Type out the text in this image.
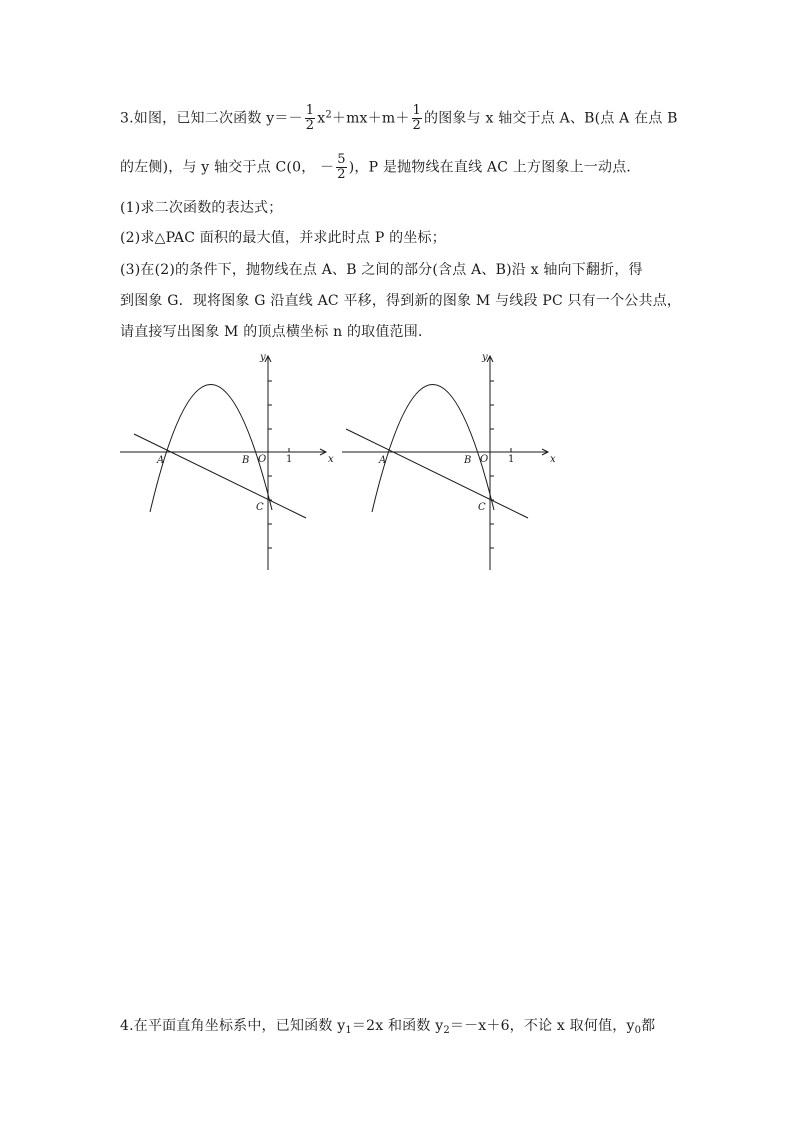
3.如图，已知二次函数 $y=- \frac{1}{2} x^2+mx+m+ \frac{1}{2}$ 的图象与 x 轴交于点 A、B(点 A 在点 B
的左侧)，与 y 轴交于点 C(0， － $\frac{5}{2}$ )，P 是抛物线在直线 AC 上方图象上一动点．
(1)求二次函数的表达式；
(2)求△PAC 面积的最大值，并求此时点 P 的坐标；
(3)在(2)的条件下，抛物线在点 A、B 之间的部分(含点 A、B)沿 x 轴向下翻折，得
到图象 G．现将图象 G 沿直线 AC 平移，得到新的图象 M 与线段 PC 只有一个公共点，
请直接写出图象 M 的顶点横坐标 n 的取值范围．
x
y
A	B O
C
1	x
y
A	B O
C
1
4.在平面直角坐标系中，已知函数 $y_1=2x$ 和函数 $y_2=-x+6$，不论 x 取何值，$y_0$都
